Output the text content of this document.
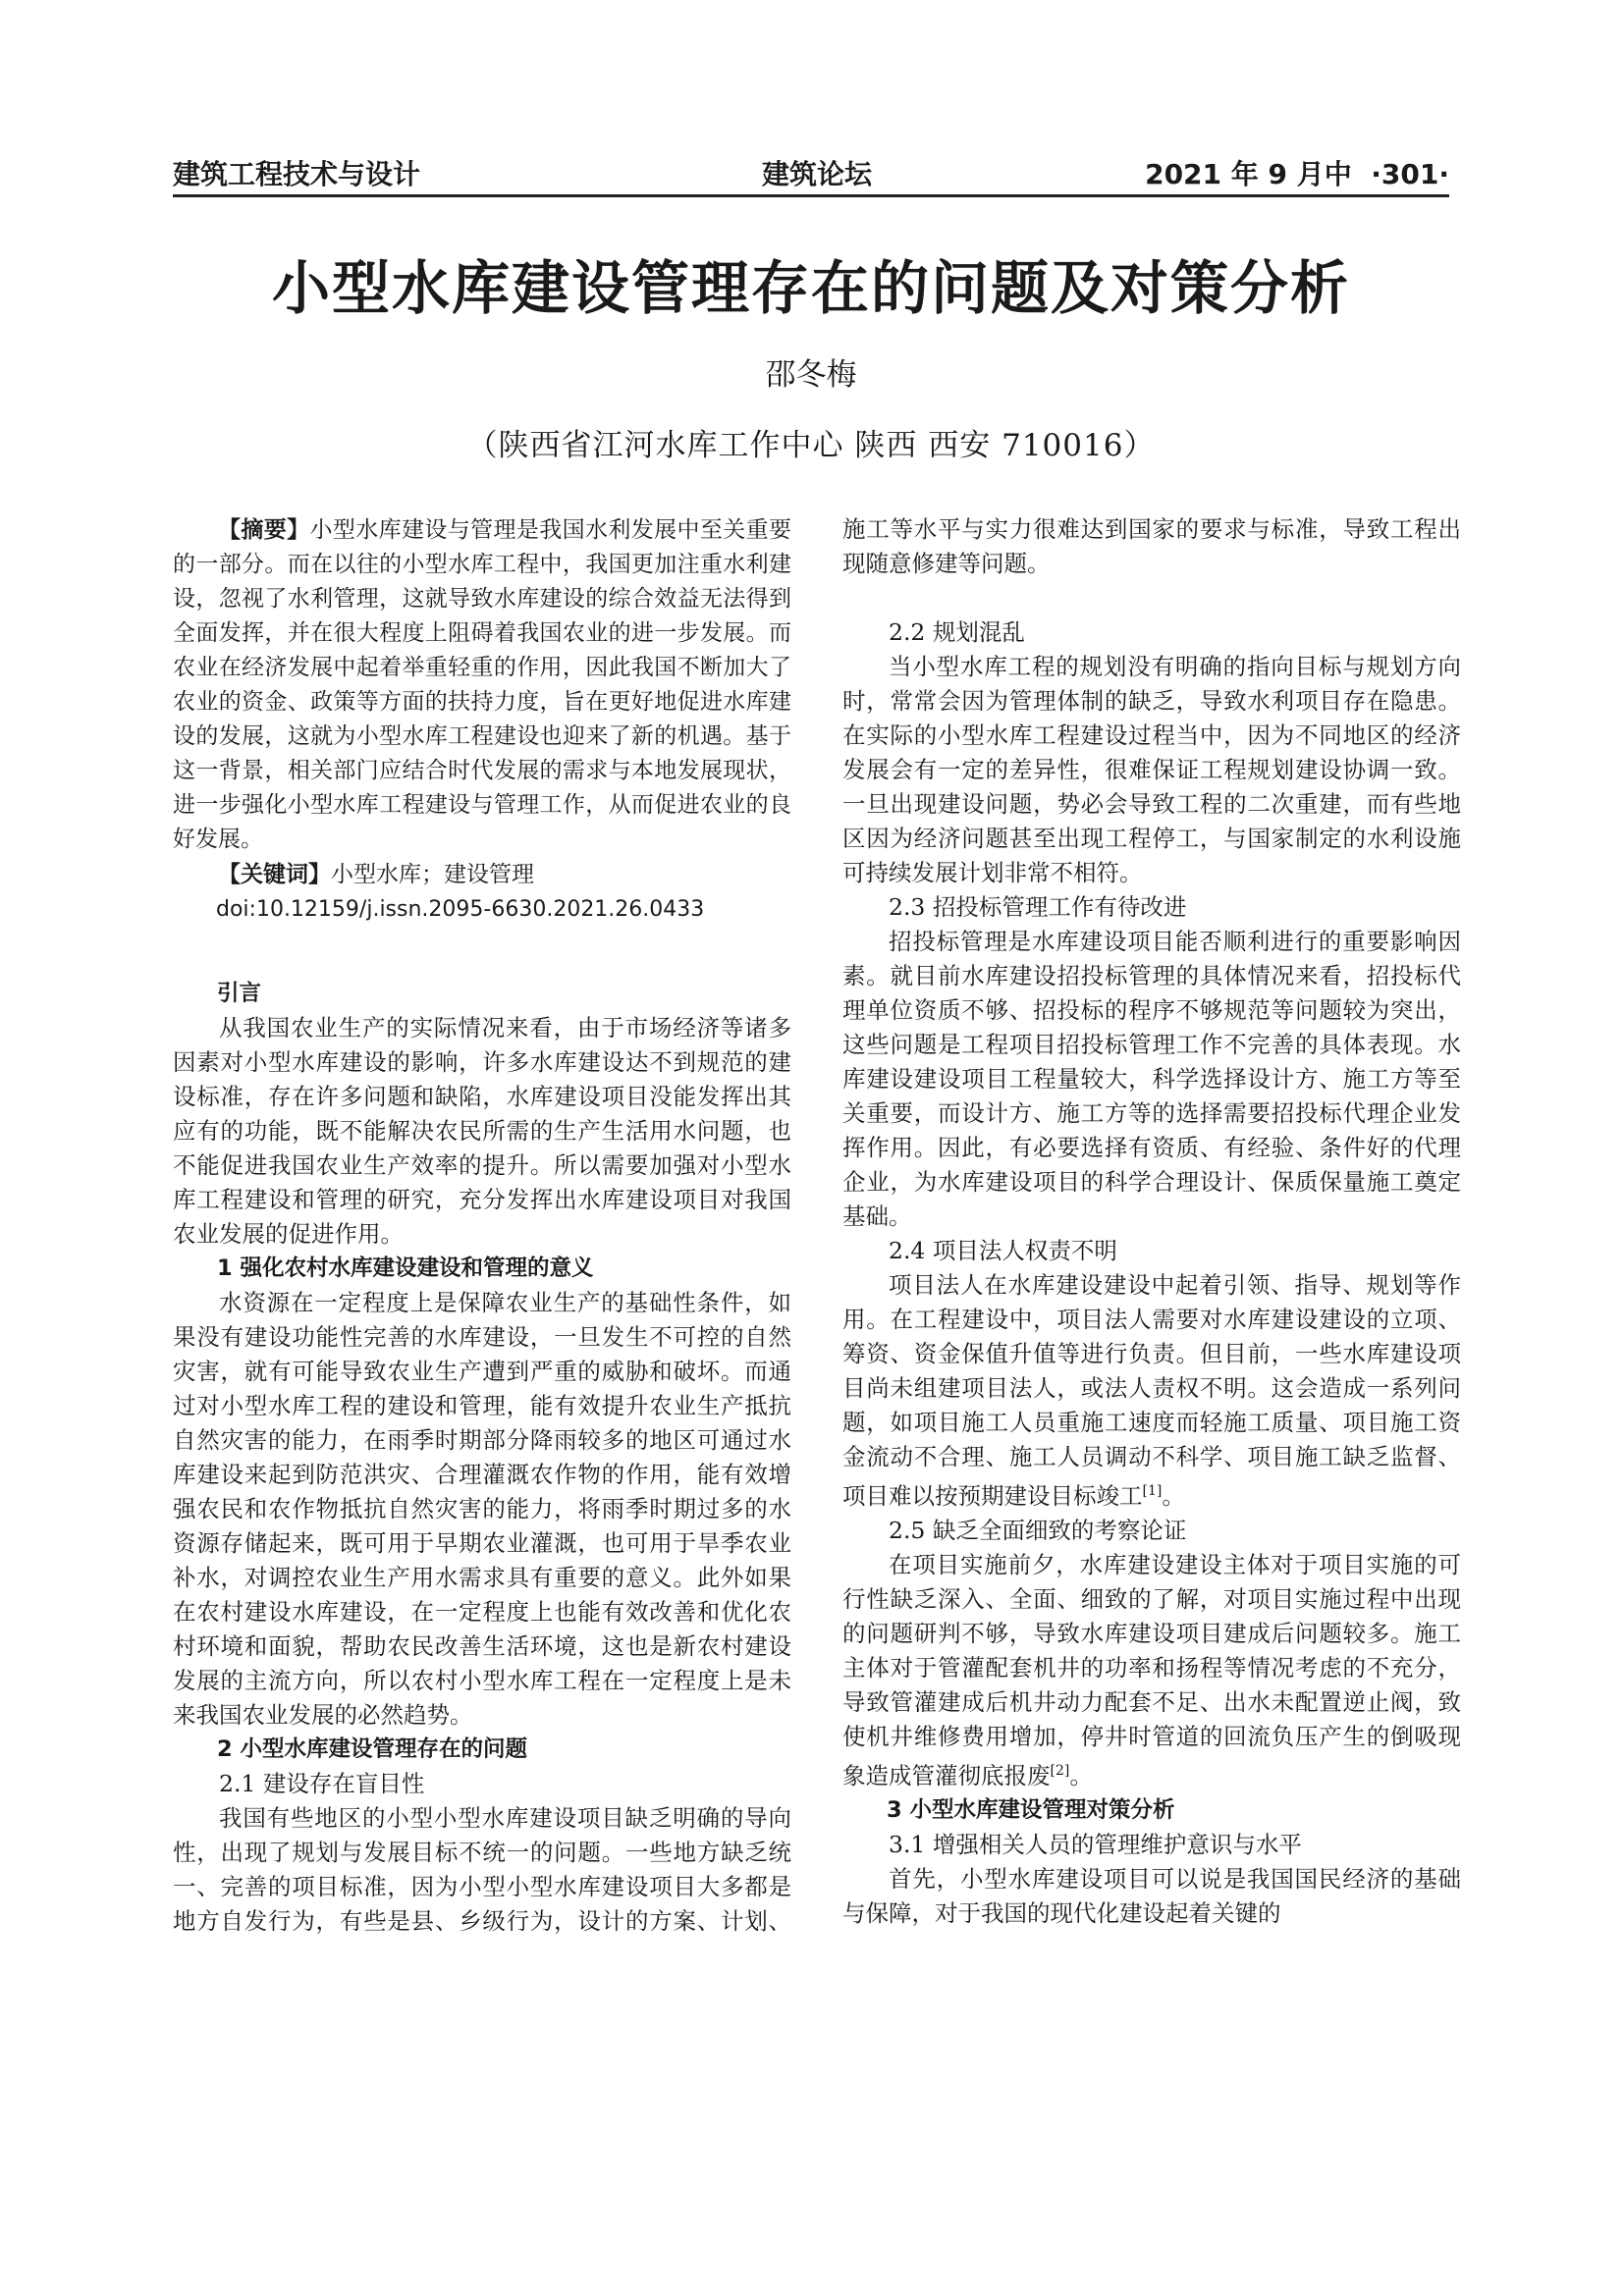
建筑工程技术与设计	建筑论坛	2021 年 9 月中 ·301·
小型水库建设管理存在的问题及对策分析
邵冬梅
（陕西省江河水库工作中心 陕西 西安 710016）

【摘要】小型水库建设与管理是我国水利发展中至关重要的一部分。而在以往的小型水库工程中，我国更加注重水利建设，忽视了水利管理，这就导致水库建设的综合效益无法得到全面发挥，并在很大程度上阻碍着我国农业的进一步发展。而农业在经济发展中起着举重轻重的作用，因此我国不断加大了农业的资金、政策等方面的扶持力度，旨在更好地促进水库建设的发展，这就为小型水库工程建设也迎来了新的机遇。基于这一背景，相关部门应结合时代发展的需求与本地发展现状，进一步强化小型水库工程建设与管理工作，从而促进农业的良好发展。

【关键词】小型水库；建设管理

doi:10.12159/j.issn.2095-6630.2021.26.0433

引言

从我国农业生产的实际情况来看，由于市场经济等诸多因素对小型水库建设的影响，许多水库建设达不到规范的建设标准，存在许多问题和缺陷，水库建设项目没能发挥出其应有的功能，既不能解决农民所需的生产生活用水问题，也不能促进我国农业生产效率的提升。所以需要加强对小型水库工程建设和管理的研究，充分发挥出水库建设项目对我国农业发展的促进作用。

1 强化农村水库建设建设和管理的意义

水资源在一定程度上是保障农业生产的基础性条件，如果没有建设功能性完善的水库建设，一旦发生不可控的自然灾害，就有可能导致农业生产遭到严重的威胁和破坏。而通过对小型水库工程的建设和管理，能有效提升农业生产抵抗自然灾害的能力，在雨季时期部分降雨较多的地区可通过水库建设来起到防范洪灾、合理灌溉农作物的作用，能有效增强农民和农作物抵抗自然灾害的能力，将雨季时期过多的水资源存储起来，既可用于早期农业灌溉，也可用于旱季农业补水，对调控农业生产用水需求具有重要的意义。此外如果在农村建设水库建设，在一定程度上也能有效改善和优化农村环境和面貌，帮助农民改善生活环境，这也是新农村建设发展的主流方向，所以农村小型水库工程在一定程度上是未来我国农业发展的必然趋势。

2 小型水库建设管理存在的问题

2.1 建设存在盲目性

我国有些地区的小型小型水库建设项目缺乏明确的导向性，出现了规划与发展目标不统一的问题。一些地方缺乏统一、完善的项目标准，因为小型小型水库建设项目大多都是地方自发行为，有些是县、乡级行为，设计的方案、计划、

施工等水平与实力很难达到国家的要求与标准，导致工程出现随意修建等问题。

2.2 规划混乱

当小型水库工程的规划没有明确的指向目标与规划方向时，常常会因为管理体制的缺乏，导致水利项目存在隐患。在实际的小型水库工程建设过程当中，因为不同地区的经济发展会有一定的差异性，很难保证工程规划建设协调一致。一旦出现建设问题，势必会导致工程的二次重建，而有些地区因为经济问题甚至出现工程停工，与国家制定的水利设施可持续发展计划非常不相符。

2.3 招投标管理工作有待改进

招投标管理是水库建设项目能否顺利进行的重要影响因素。就目前水库建设招投标管理的具体情况来看，招投标代理单位资质不够、招投标的程序不够规范等问题较为突出，这些问题是工程项目招投标管理工作不完善的具体表现。水库建设建设项目工程量较大，科学选择设计方、施工方等至关重要，而设计方、施工方等的选择需要招投标代理企业发挥作用。因此，有必要选择有资质、有经验、条件好的代理企业，为水库建设项目的科学合理设计、保质保量施工奠定基础。

2.4 项目法人权责不明

项目法人在水库建设建设中起着引领、指导、规划等作用。在工程建设中，项目法人需要对水库建设建设的立项、筹资、资金保值升值等进行负责。但目前，一些水库建设项目尚未组建项目法人，或法人责权不明。这会造成一系列问题，如项目施工人员重施工速度而轻施工质量、项目施工资金流动不合理、施工人员调动不科学、项目施工缺乏监督、项目难以按预期建设目标竣工[1]。

2.5 缺乏全面细致的考察论证

在项目实施前夕，水库建设建设主体对于项目实施的可行性缺乏深入、全面、细致的了解，对项目实施过程中出现的问题研判不够，导致水库建设项目建成后问题较多。施工主体对于管灌配套机井的功率和扬程等情况考虑的不充分，导致管灌建成后机井动力配套不足、出水未配置逆止阀，致使机井维修费用增加，停井时管道的回流负压产生的倒吸现象造成管灌彻底报废[2]。

3 小型水库建设管理对策分析

3.1 增强相关人员的管理维护意识与水平

首先，小型水库建设项目可以说是我国国民经济的基础与保障，对于我国的现代化建设起着关键的
